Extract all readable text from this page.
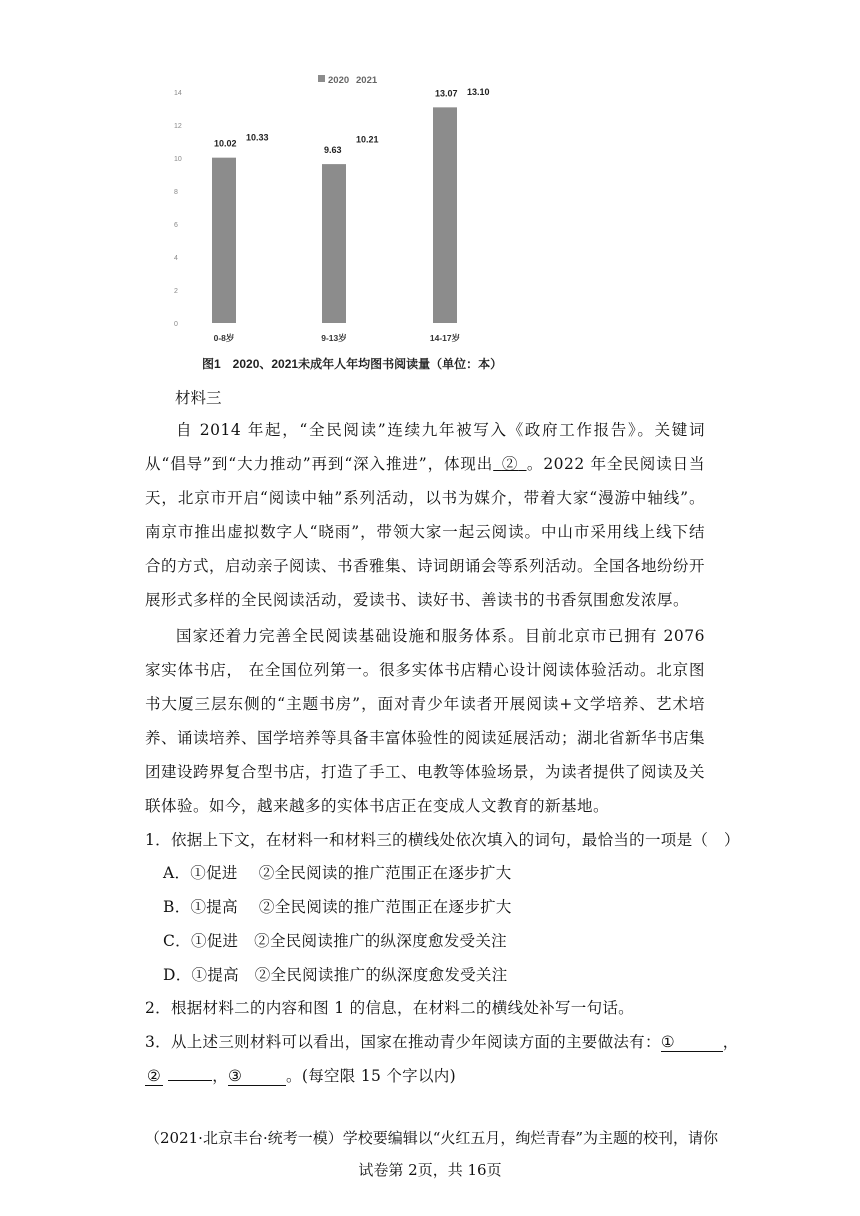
2020 2021
0
2
4
6
8
10
12
14
10.02
10.33
9.63
10.21
13.07 13.10
0-8岁	9-13岁	14-17岁
图1　2020、2021未成年人年均图书阅读量（单位：本）
材料三
自 2014 年起，“全民阅读”连续九年被写入《政府工作报告》。关键词从“倡导”到“大力推动”再到“深入推进”，体现出  ②  。2022 年全民阅读日当天，北京市开启“阅读中轴”系列活动，以书为媒介，带着大家“漫游中轴线”。南京市推出虚拟数字人“晓雨”，带领大家一起云阅读。中山市采用线上线下结合的方式，启动亲子阅读、书香雅集、诗词朗诵会等系列活动。全国各地纷纷开展形式多样的全民阅读活动，爱读书、读好书、善读书的书香氛围愈发浓厚。
国家还着力完善全民阅读基础设施和服务体系。目前北京市已拥有 2076 家实体书店， 在全国位列第一。很多实体书店精心设计阅读体验活动。北京图书大厦三层东侧的“主题书房”，面对青少年读者开展阅读+文学培养、艺术培养、诵读培养、国学培养等具备丰富体验性的阅读延展活动；湖北省新华书店集团建设跨界复合型书店，打造了手工、电教等体验场景，为读者提供了阅读及关联体验。如今，越来越多的实体书店正在变成人文教育的新基地。
1．依据上下文，在材料一和材料三的横线处依次填入的词句，最恰当的一项是（　）
A．①促进　 ②全民阅读的推广范围正在逐步扩大
B．①提高　 ②全民阅读的推广范围正在逐步扩大
C．①促进　②全民阅读推广的纵深度愈发受关注
D．①提高　②全民阅读推广的纵深度愈发受关注
2．根据材料二的内容和图 1 的信息，在材料二的横线处补写一句话。
3．从上述三则材料可以看出，国家在推动青少年阅读方面的主要做法有：①	，
②	，③	。(每空限 15 个字以内)
（2021·北京丰台·统考一模）学校要编辑以“火红五月，绚烂青春”为主题的校刊，请你
试卷第 2页，共 16页
